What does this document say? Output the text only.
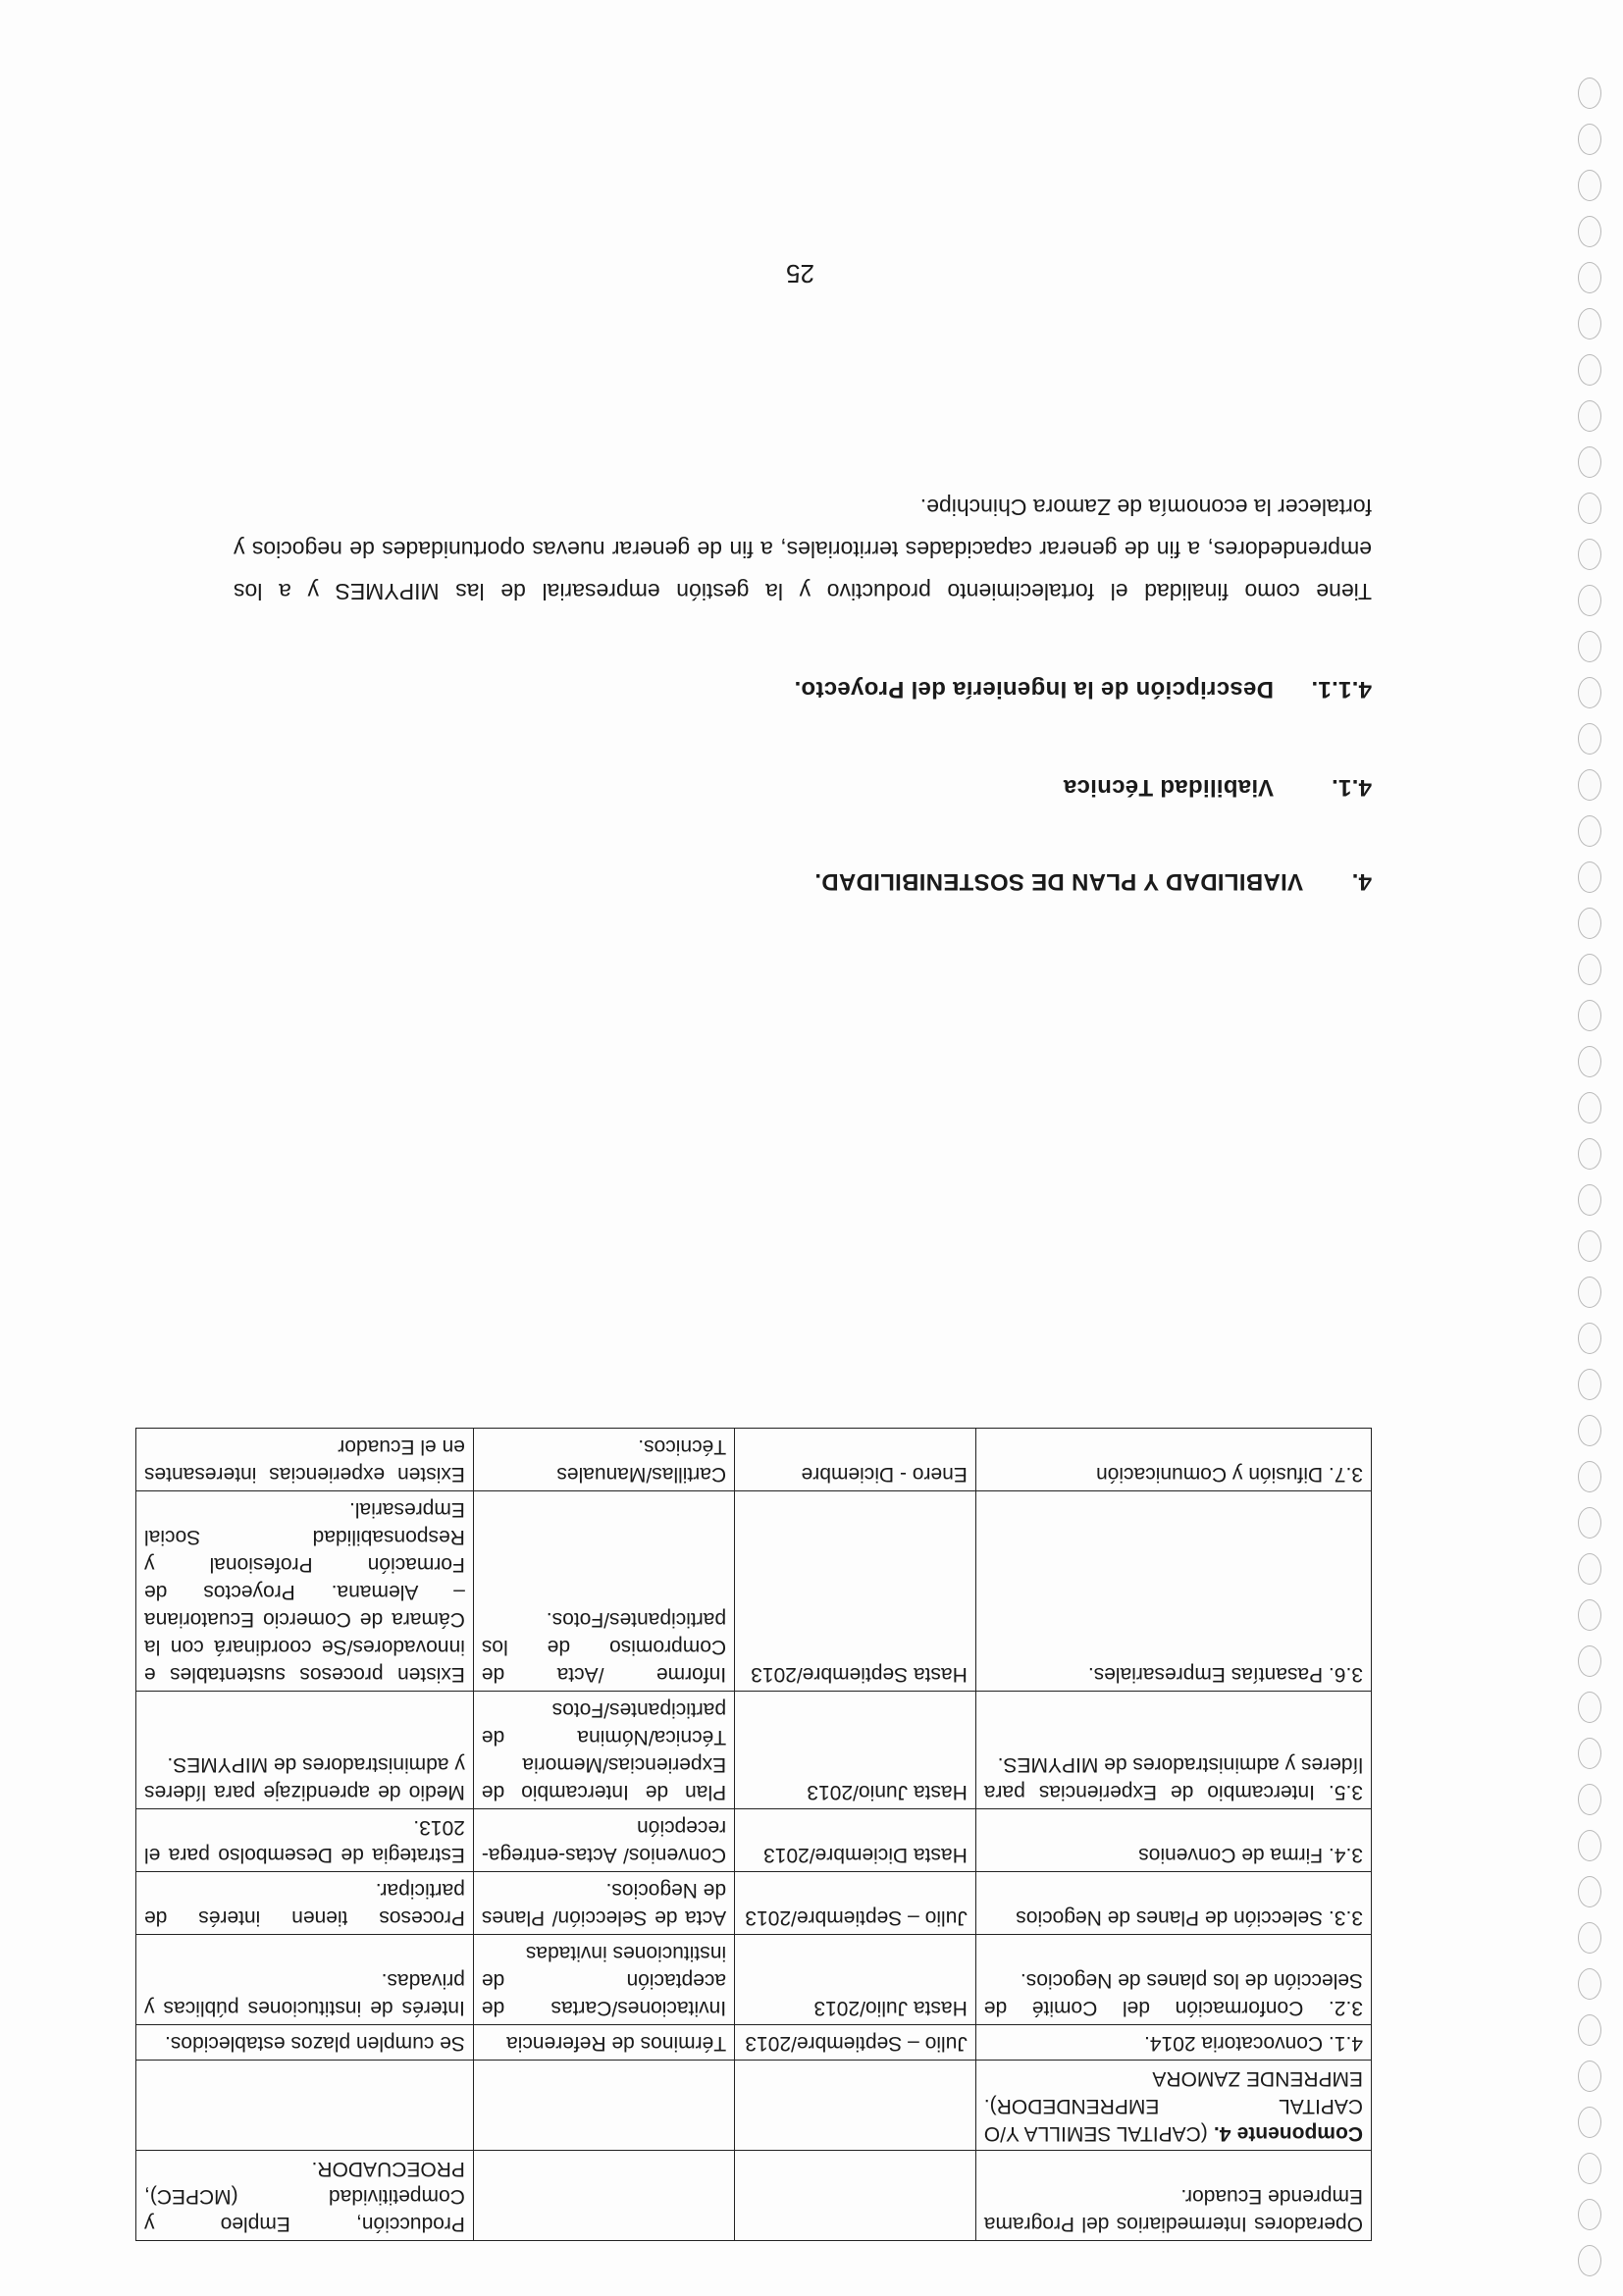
Operadores Intermediarios del Programa Emprende Ecuador.			Producción, Empleo y Competitividad (MCPEC), PROECUADOR.
Componente 4. (CAPITAL SEMILLA Y/O CAPITAL EMPRENDEDOR). EMPRENDE ZAMORA			
4.1. Convocatoria 2014.	Julio – Septiembre/2013	Términos de Referencia	Se cumplen plazos establecidos.
3.2. Conformación del Comité de Selección de los planes de Negocios.	Hasta Julio/2013	Invitaciones/Cartas de aceptación de instituciones invitadas	Interés de instituciones públicas y privadas.
3.3. Selección de Planes de Negocios	Julio – Septiembre/2013	Acta de Selección/ Planes de Negocios.	Procesos tienen interés de participar.
3.4. Firma de Convenios	Hasta Diciembre/2013	Convenios/ Actas-entrega-recepción	Estrategia de Desembolso para el 2013.
3.5. Intercambio de Experiencias para líderes y administradores de MIPYMES.	Hasta Junio/2013	Plan de Intercambio de Experiencias/Memoria Técnica/Nómina de participantes/Fotos	Medio de aprendizaje para líderes y administradores de MIPYMES.
3.6. Pasantías Empresariales.	Hasta Septiembre/2013	Informe /Acta de Compromiso de los participantes/Fotos.	Existen procesos sustentables e innovadores/Se coordinará con la Cámara de Comercio Ecuatoriana – Alemana. Proyectos de Formación Profesional y Responsabilidad Social Empresarial.
3.7. Difusión y Comunicación	Enero - Diciembre	Cartillas/Manuales Técnicos.	Existen experiencias interesantes en el Ecuador
4.VIABILIDAD Y PLAN DE SOSTENIBILIDAD.
4.1.Viabilidad Técnica
4.1.1.Descripción de la Ingeniería del Proyecto.
Tiene como finalidad el fortalecimiento productivo y la gestión empresarial de las MIPYMES y a los emprendedores, a fin de generar capacidades territoriales, a fin de generar nuevas oportunidades de negocios y fortalecer la economía de Zamora Chinchipe.
25
